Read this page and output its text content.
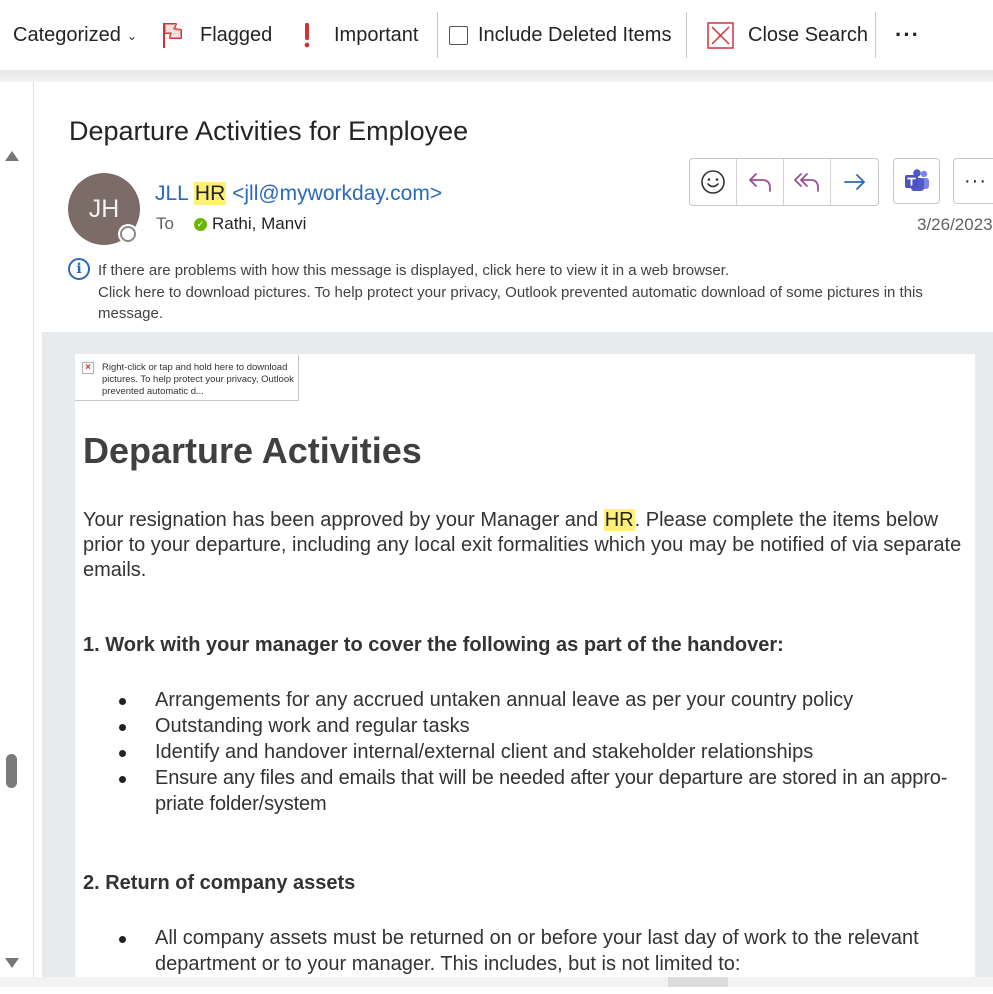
Categorized ⌄	Flagged	Important	Include Deleted Items	Close Search ···
Departure Activities for Employee
JH
JLL HR <jll@myworkday.com>
To	✓ Rathi, Manvi
···
3/26/2023
i	If there are problems with how this message is displayed, click here to view it in a web browser.
Click here to download pictures. To help protect your privacy, Outlook prevented automatic download of some pictures in this message.
×	Right-click or tap and hold here to download pictures. To help protect your privacy, Outlook prevented automatic d...
Departure Activities
Your resignation has been approved by your Manager and HR. Please complete the items below prior to your departure, including any local exit formalities which you may be notified of via separate emails.
1. Work with your manager to cover the following as part of the handover:
Arrangements for any accrued untaken annual leave as per your country policy
Outstanding work and regular tasks
Identify and handover internal/external client and stakeholder relationships
Ensure any files and emails that will be needed after your departure are stored in an appro-priate folder/system
2. Return of company assets
All company assets must be returned on or before your last day of work to the relevant department or to your manager. This includes, but is not limited to:
